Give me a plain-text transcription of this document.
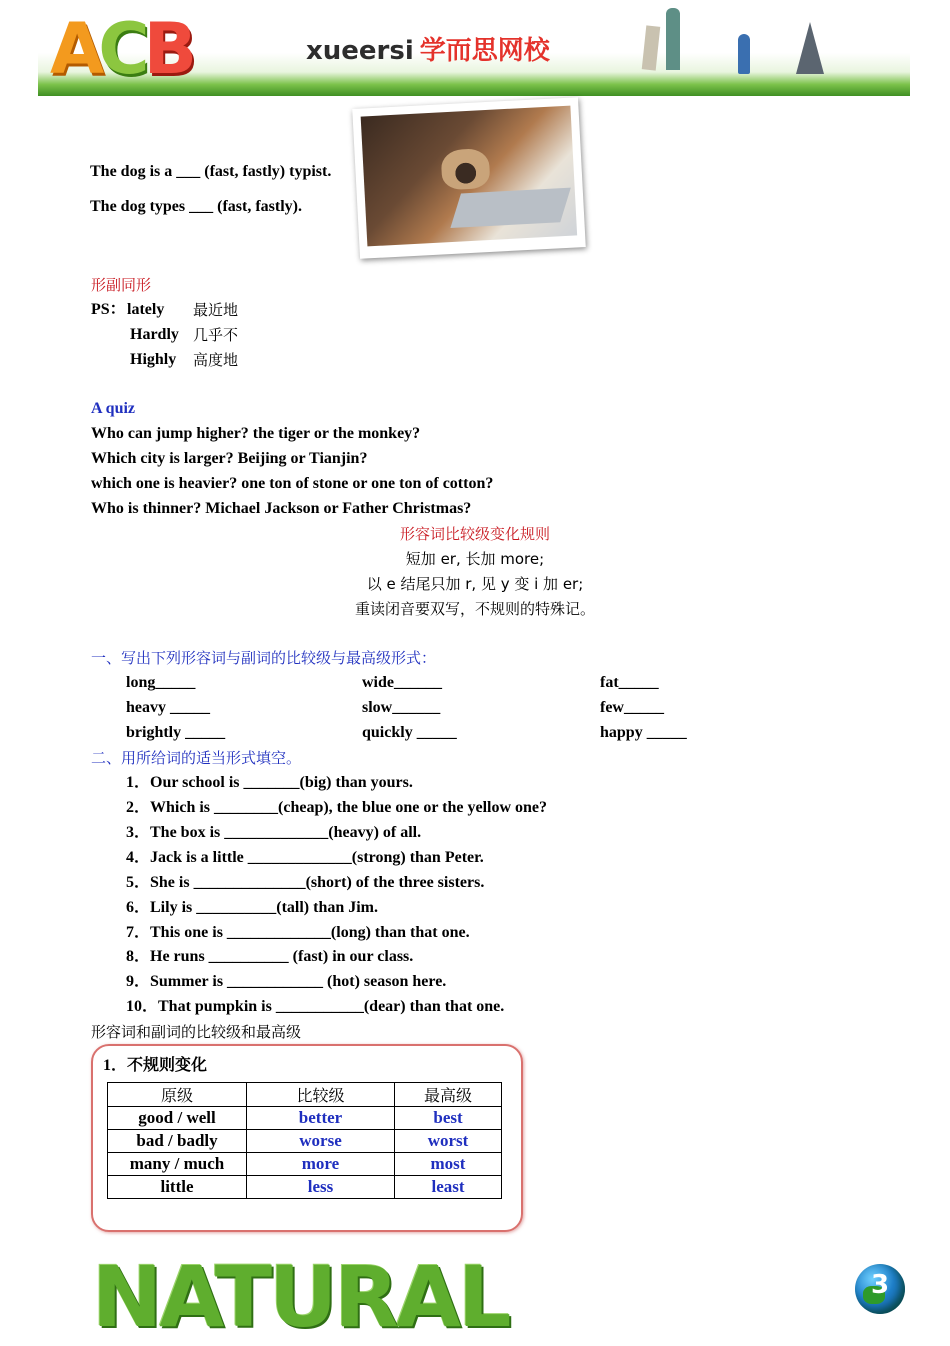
ACB	xueersi 学而思网校
The dog is a ___ (fast, fastly) typist.
The dog types ___ (fast, fastly).
形副同形
PS： lately 最近地
Hardly 几乎不
Highly 高度地
A quiz
Who can jump higher? the tiger or the monkey?
Which city is larger? Beijing or Tianjin?
which one is heavier? one ton of stone or one ton of cotton?
Who is thinner? Michael Jackson or Father Christmas?
形容词比较级变化规则
短加 er, 长加 more;
以 e 结尾只加 r, 见 y 变 i 加 er;
重读闭音要双写，不规则的特殊记。
一、写出下列形容词与副词的比较级与最高级形式：
long_____	wide______	fat_____
heavy _____	slow______	few_____
brightly _____	quickly _____	happy _____
二、用所给词的适当形式填空。
1．Our school is _______(big) than yours.
2．Which is ________(cheap), the blue one or the yellow one?
3．The box is _____________(heavy) of all.
4．Jack is a little _____________(strong) than Peter.
5．She is ______________(short) of the three sisters.
6．Lily is __________(tall) than Jim.
7．This one is _____________(long) than that one.
8．He runs __________ (fast) in our class.
9．Summer is ____________ (hot) season here.
10．That pumpkin is ___________(dear) than that one.
形容词和副词的比较级和最高级
1．不规则变化
原级	比较级	最高级
good / well	better	best
bad / badly	worse	worst
many / much	more	most
little	less	least
NATURAL	3
